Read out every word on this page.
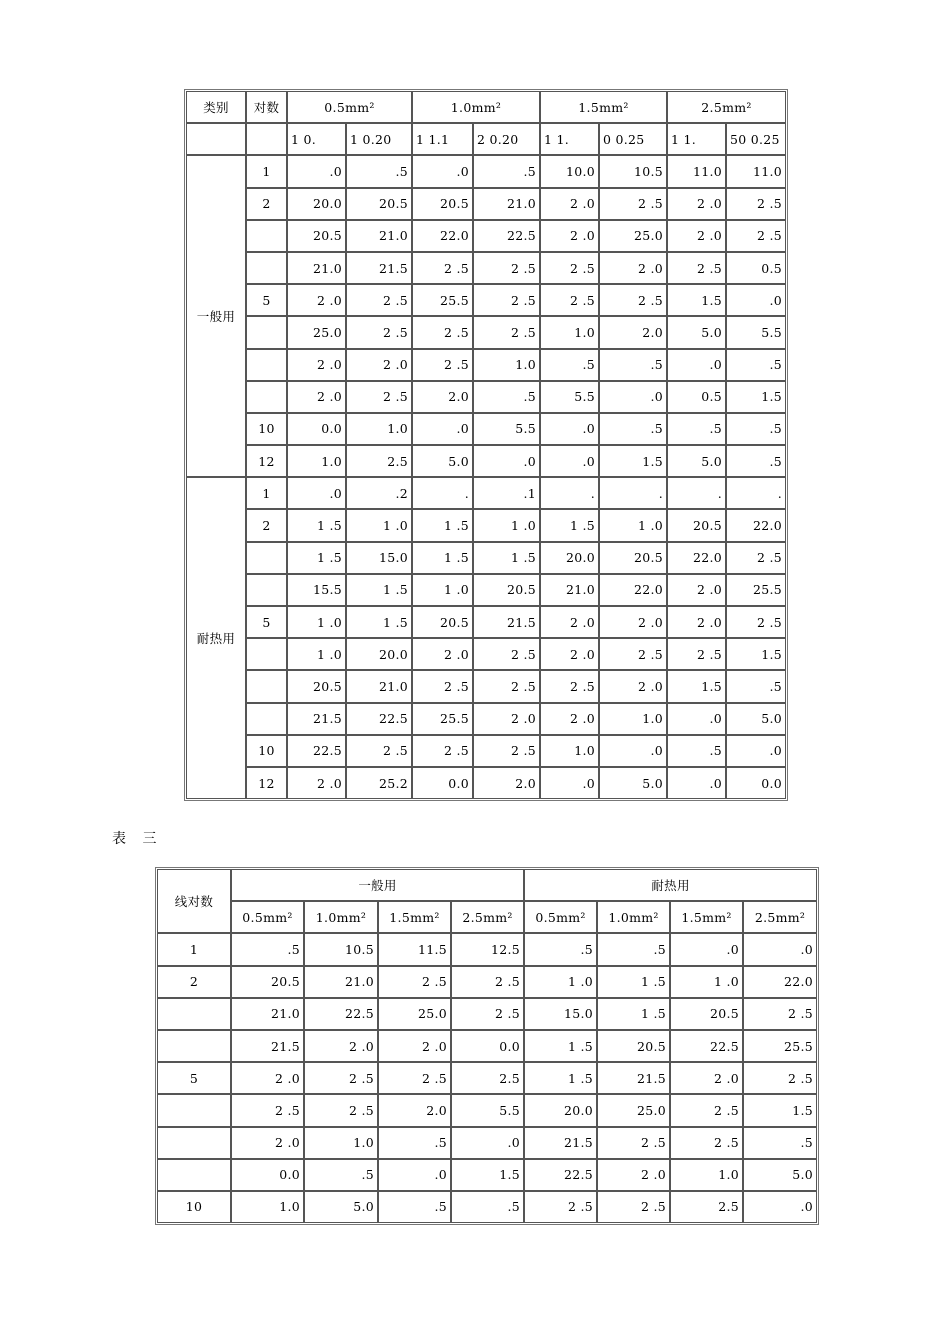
类别	对数	0.5mm²		1.0mm²		1.5mm²		2.5mm²	
		1 0.	1 0.20	1 1.1	2 0.20	1 1.	0 0.25	1 1.	50 0.25
一般用	1	.0	.5	.0	.5	10.0	10.5	11.0	11.0
	2	20.0	20.5	20.5	21.0	2 .0	2 .5	2 .0	2 .5
		20.5	21.0	22.0	22.5	2 .0	25.0	2 .0	2 .5
		21.0	21.5	2 .5	2 .5	2 .5	2 .0	2 .5	0.5
	5	2 .0	2 .5	25.5	2 .5	2 .5	2 .5	1.5	.0
		25.0	2 .5	2 .5	2 .5	1.0	2.0	5.0	5.5
		2 .0	2 .0	2 .5	1.0	.5	.5	.0	.5
		2 .0	2 .5	2.0	.5	5.5	.0	0.5	1.5
	10	0.0	1.0	.0	5.5	.0	.5	.5	.5
	12	1.0	2.5	5.0	.0	.0	1.5	5.0	.5
耐热用	1	.0	.2	.	.1	.	.	.	.
	2	1 .5	1 .0	1 .5	1 .0	1 .5	1 .0	20.5	22.0
		1 .5	15.0	1 .5	1 .5	20.0	20.5	22.0	2 .5
		15.5	1 .5	1 .0	20.5	21.0	22.0	2 .0	25.5
	5	1 .0	1 .5	20.5	21.5	2 .0	2 .0	2 .0	2 .5
		1 .0	20.0	2 .0	2 .5	2 .0	2 .5	2 .5	1.5
		20.5	21.0	2 .5	2 .5	2 .5	2 .0	1.5	.5
		21.5	22.5	25.5	2 .0	2 .0	1.0	.0	5.0
	10	22.5	2 .5	2 .5	2 .5	1.0	.0	.5	.0
	12	2 .0	25.2	0.0	2.0	.0	5.0	.0	0.0
表 三
线对数	一般用				耐热用			
	0.5mm²	1.0mm²	1.5mm²	2.5mm²	0.5mm²	1.0mm²	1.5mm²	2.5mm²
1	.5	10.5	11.5	12.5	.5	.5	.0	.0
2	20.5	21.0	2 .5	2 .5	1 .0	1 .5	1 .0	22.0
	21.0	22.5	25.0	2 .5	15.0	1 .5	20.5	2 .5
	21.5	2 .0	2 .0	0.0	1 .5	20.5	22.5	25.5
5	2 .0	2 .5	2 .5	2.5	1 .5	21.5	2 .0	2 .5
	2 .5	2 .5	2.0	5.5	20.0	25.0	2 .5	1.5
	2 .0	1.0	.5	.0	21.5	2 .5	2 .5	.5
	0.0	.5	.0	1.5	22.5	2 .0	1.0	5.0
10	1.0	5.0	.5	.5	2 .5	2 .5	2.5	.0
